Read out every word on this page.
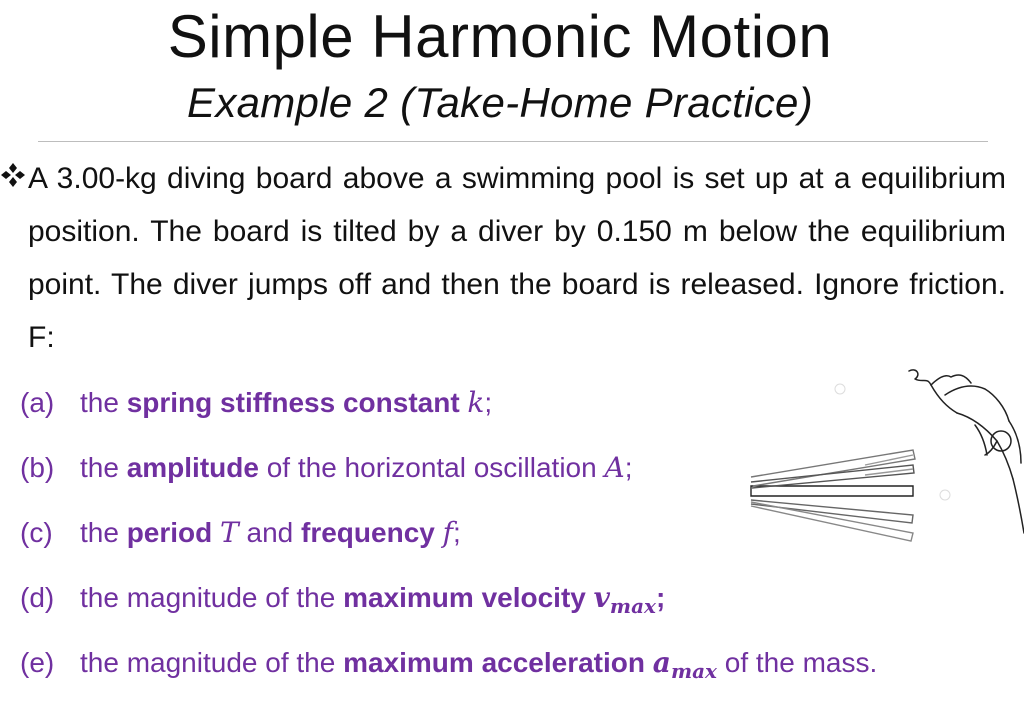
Simple Harmonic Motion
Example 2 (Take-Home Practice)
A 3.00-kg diving board above a swimming pool is set up at a equilibrium position. The board is tilted by a diver by 0.150 m below the equilibrium point. The diver jumps off and then the board is released. Ignore friction. F:
(a) the spring stiffness constant k;
(b) the amplitude of the horizontal oscillation A;
(c) the period T and frequency f;
(d) the magnitude of the maximum velocity $v_{max}$;
(e) the magnitude of the maximum acceleration $a_{max}$ of the mass.
